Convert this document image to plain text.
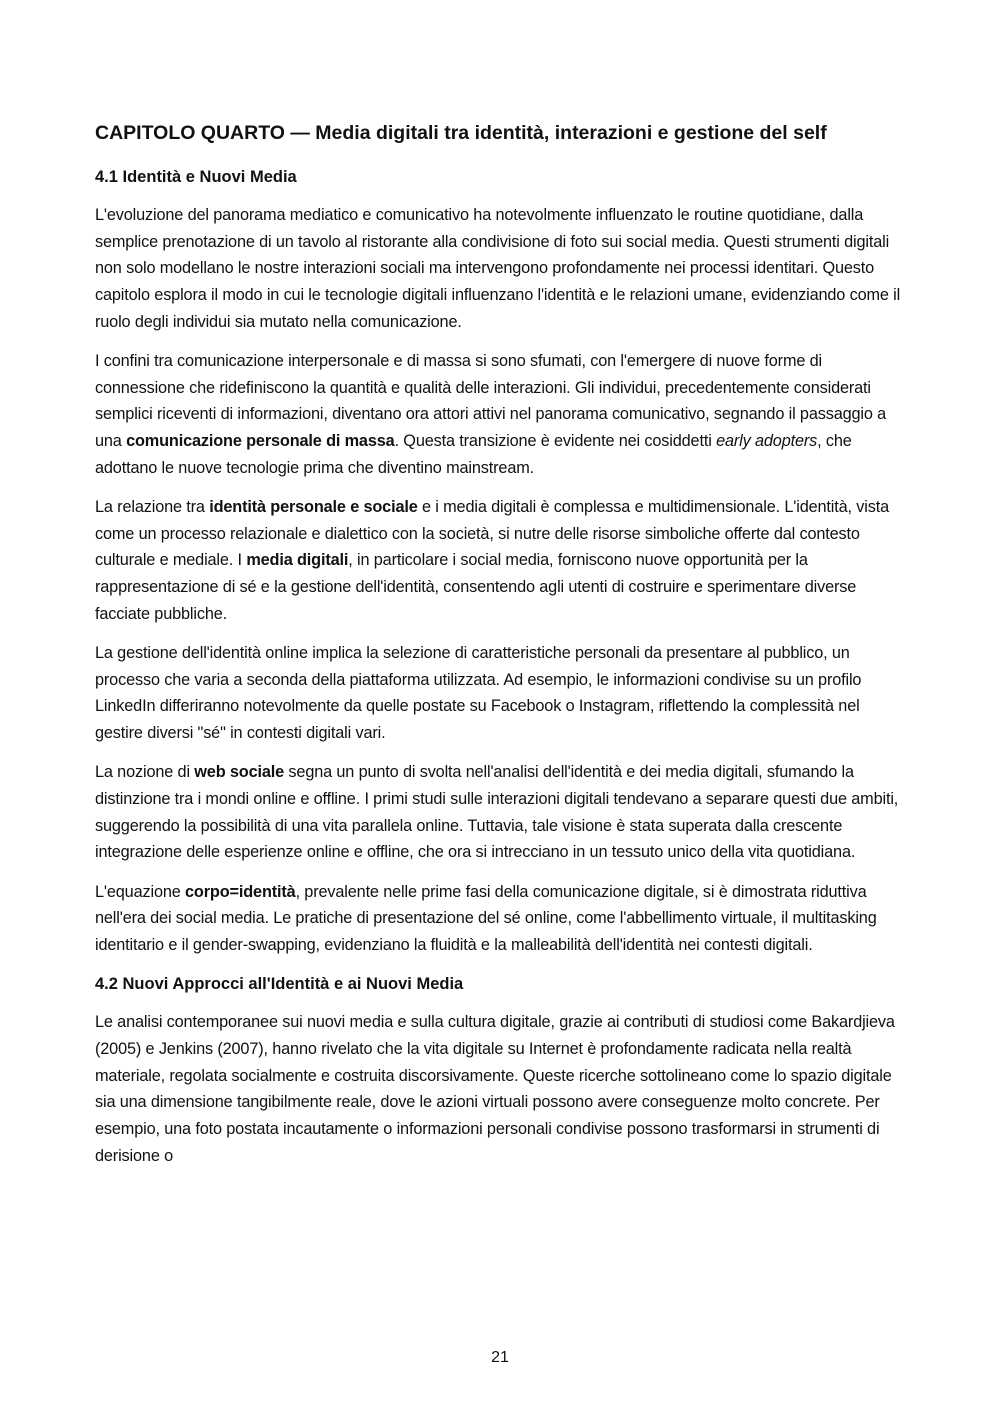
CAPITOLO QUARTO — Media digitali tra identità, interazioni e gestione del self
4.1 Identità e Nuovi Media

L'evoluzione del panorama mediatico e comunicativo ha notevolmente influenzato le routine quotidiane, dalla semplice prenotazione di un tavolo al ristorante alla condivisione di foto sui social media. Questi strumenti digitali non solo modellano le nostre interazioni sociali ma intervengono profondamente nei processi identitari. Questo capitolo esplora il modo in cui le tecnologie digitali influenzano l'identità e le relazioni umane, evidenziando come il ruolo degli individui sia mutato nella comunicazione.

I confini tra comunicazione interpersonale e di massa si sono sfumati, con l'emergere di nuove forme di connessione che ridefiniscono la quantità e qualità delle interazioni. Gli individui, precedentemente considerati semplici riceventi di informazioni, diventano ora attori attivi nel panorama comunicativo, segnando il passaggio a una comunicazione personale di massa. Questa transizione è evidente nei cosiddetti early adopters, che adottano le nuove tecnologie prima che diventino mainstream.

La relazione tra identità personale e sociale e i media digitali è complessa e multidimensionale. L'identità, vista come un processo relazionale e dialettico con la società, si nutre delle risorse simboliche offerte dal contesto culturale e mediale. I media digitali, in particolare i social media, forniscono nuove opportunità per la rappresentazione di sé e la gestione dell'identità, consentendo agli utenti di costruire e sperimentare diverse facciate pubbliche.

La gestione dell'identità online implica la selezione di caratteristiche personali da presentare al pubblico, un processo che varia a seconda della piattaforma utilizzata. Ad esempio, le informazioni condivise su un profilo LinkedIn differiranno notevolmente da quelle postate su Facebook o Instagram, riflettendo la complessità nel gestire diversi "sé" in contesti digitali vari.

La nozione di web sociale segna un punto di svolta nell'analisi dell'identità e dei media digitali, sfumando la distinzione tra i mondi online e offline. I primi studi sulle interazioni digitali tendevano a separare questi due ambiti, suggerendo la possibilità di una vita parallela online. Tuttavia, tale visione è stata superata dalla crescente integrazione delle esperienze online e offline, che ora si intrecciano in un tessuto unico della vita quotidiana.

L'equazione corpo=identità, prevalente nelle prime fasi della comunicazione digitale, si è dimostrata riduttiva nell'era dei social media. Le pratiche di presentazione del sé online, come l'abbellimento virtuale, il multitasking identitario e il gender-swapping, evidenziano la fluidità e la malleabilità dell'identità nei contesti digitali.

4.2 Nuovi Approcci all'Identità e ai Nuovi Media

Le analisi contemporanee sui nuovi media e sulla cultura digitale, grazie ai contributi di studiosi come Bakardjieva (2005) e Jenkins (2007), hanno rivelato che la vita digitale su Internet è profondamente radicata nella realtà materiale, regolata socialmente e costruita discorsivamente. Queste ricerche sottolineano come lo spazio digitale sia una dimensione tangibilmente reale, dove le azioni virtuali possono avere conseguenze molto concrete. Per esempio, una foto postata incautamente o informazioni personali condivise possono trasformarsi in strumenti di derisione o

21
